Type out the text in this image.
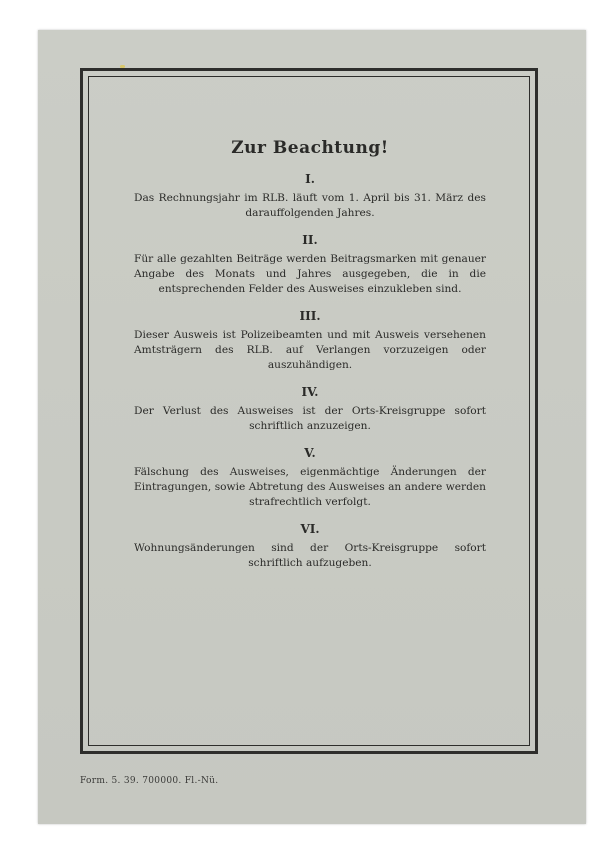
Zur Beachtung!
I.
Das Rechnungsjahr im RLB. läuft vom 1. April bis 31. März des darauffolgenden Jahres.
II.
Für alle gezahlten Beiträge werden Beitragsmarken mit genauer Angabe des Monats und Jahres ausgegeben, die in die entsprechenden Felder des Ausweises einzukleben sind.
III.
Dieser Ausweis ist Polizeibeamten und mit Ausweis versehenen Amtsträgern des RLB. auf Verlangen vorzuzeigen oder auszuhändigen.
IV.
Der Verlust des Ausweises ist der Orts-Kreisgruppe sofort schriftlich anzuzeigen.
V.
Fälschung des Ausweises, eigenmächtige Änderungen der Eintragungen, sowie Abtretung des Ausweises an andere werden strafrechtlich verfolgt.
VI.
Wohnungsänderungen sind der Orts-Kreisgruppe sofort schriftlich aufzugeben.
Form. 5. 39. 700000. Fl.-Nü.
